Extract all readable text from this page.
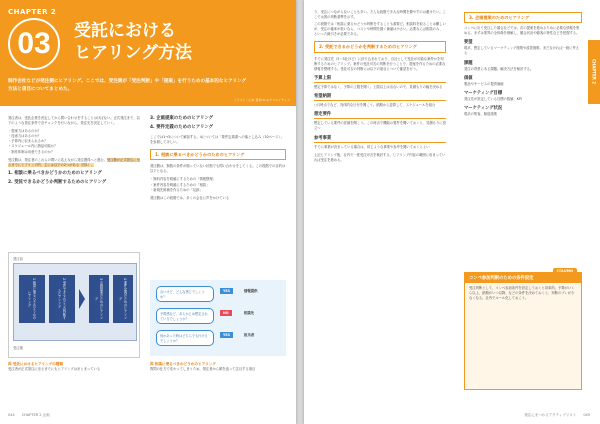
CHAPTER 2
03	受託における
ヒアリング方法
制作会社などが発注側にヒアリング。ここでは、受注側が「受注判断」や「提案」を行うための基本的なヒアリング方法と項目についてまとめた。
イラスト｜山本 喜和 AI のクリエイティブ

発注者は、受託企業を決定してから問い合わせをすることはほぼない。正式発注まで、以下のような発注条件で各チェックを行いながら、発注先を決定していく。

・提案力はあるのか？
・技術力はあるのか？
・予算内に収まられるか？
・スケジュール内に納品可能か？
・制作体制は用意できるのか？

受注側は、発注者のこれらの問いに応えながら発注獲得へと進む。受注側が正式発注に至るまでにヒアリング的、主には以下の2つがある（図1）。

1. 相談に乗るべきかどうかのためのヒアリング
2. 受託できるかどうか判断するためのヒアリング
3. 企画提案のためのヒアリング
4. 要件定義のためのヒアリング

ここでは1→3について解説する。4については「要件定義書への落とし込み（10ページ）」を参照してほしい。

1. 相談に乗るべきかどうかのためのヒアリング

発注側は、無数の条件が揃っていない状態でも問い合わせをしてくる。この段階での目的は以下となる。

・無料内容を明確にするための「情報整理」
・案件内容を明確にするための「相談」
・新規先候補を作るための「足跡」

発注側はこの段階では、多くの会社に声をかけている

発注前
1 相談に乗るべきかどうかのヒアリング	2 受託できるかどうか判断するヒアリング	3 企画提案のためのヒアリング	4 要件定義のためのヒアリング
受注後
図 受託におけるヒアリングの種類
受注者が正式発注に至るまでにもヒアリングはまとまっている
ないけど、どんな感じでしょうか？
予算感など、あらかじめ想定されているでしょうか？
何かあった時はどちらでも行けるでしょうか？
YES
NO
YES
情報提供
相談先
担当者
図 相談に乗るべきかどうかのヒアリング
質問の仕方で変わってしまうため、発注者から順を追って注目する項目
044 CHAPTER 2 企画
CHAPTER 2

り、受注につながらないことも多い。そんな段階で多大な時間を費やすのは避けたい。ここでは図の判断基準を示す。

この段階では「相談に乗るかどうか判断をすることも重要だ。相談料を取ることは難しいが、受注の確率が低いなら、コストや時間を割く価値は小さい。必要ならば相談のみ、といった線引きが必要である。

2. 受託できるかどうかを判断するためのヒアリング

すでに発注先（3〜5社ほど）に絞り込まれており、自社として受託が可能な案件かを判断するためのヒアリング。案件の受託可否の判断を行うことで、提案を作るための必要な情報を整理する。受託可否の判断には以下の項目について確認を行う。

予算上限

想定予算ではなく、予算の上限を聞く。上限以上は出ないので、見積もりの幅を決める

希望納期

○月時点でなど、具体的な日付を聞こう。納期から逆算して、スケジュールを組む

想定要件

想定している要件の詳細を聞こう。この時点で機能の要件を聞いておくと、見積もりに役立つ

参考事業

すでに事業が決まっている場合は、同じような事業や参考を聞いておくとよい

上記ヒアリング後、社内で一度受注可否を検討する。ヒアリング内容の範囲に収まっていれば受注を進める。

3. 企画提案のためのヒアリング

コンペに出て受注した場合などでは、次の提案を進めるために必要な情報を集める。まずは業界の全体像を理解し、競合状況や顧客の特性などを把握する。

要望

現状、想定しているマーケティング施策や改善施策。まだなければ一緒に考える

課題

発注の背景にある課題。解決方法を検討する。

価値

製品やサービスの提供価値

マーケティング目標

発注先が設定している目標の数値、KPI

マーケティング状況

現状の集客、販促施策

COLUMN
コンペ参加判断のための条件設定

受注判断として、コンペ参加条件を設定しておくと効率的。予算がいくら以上、納期がいつ以降、などの条件を決めておくと、判断のブレが少なくなる。社内でルール化しておこう。

発注にまつわるアクティブリスト 045
